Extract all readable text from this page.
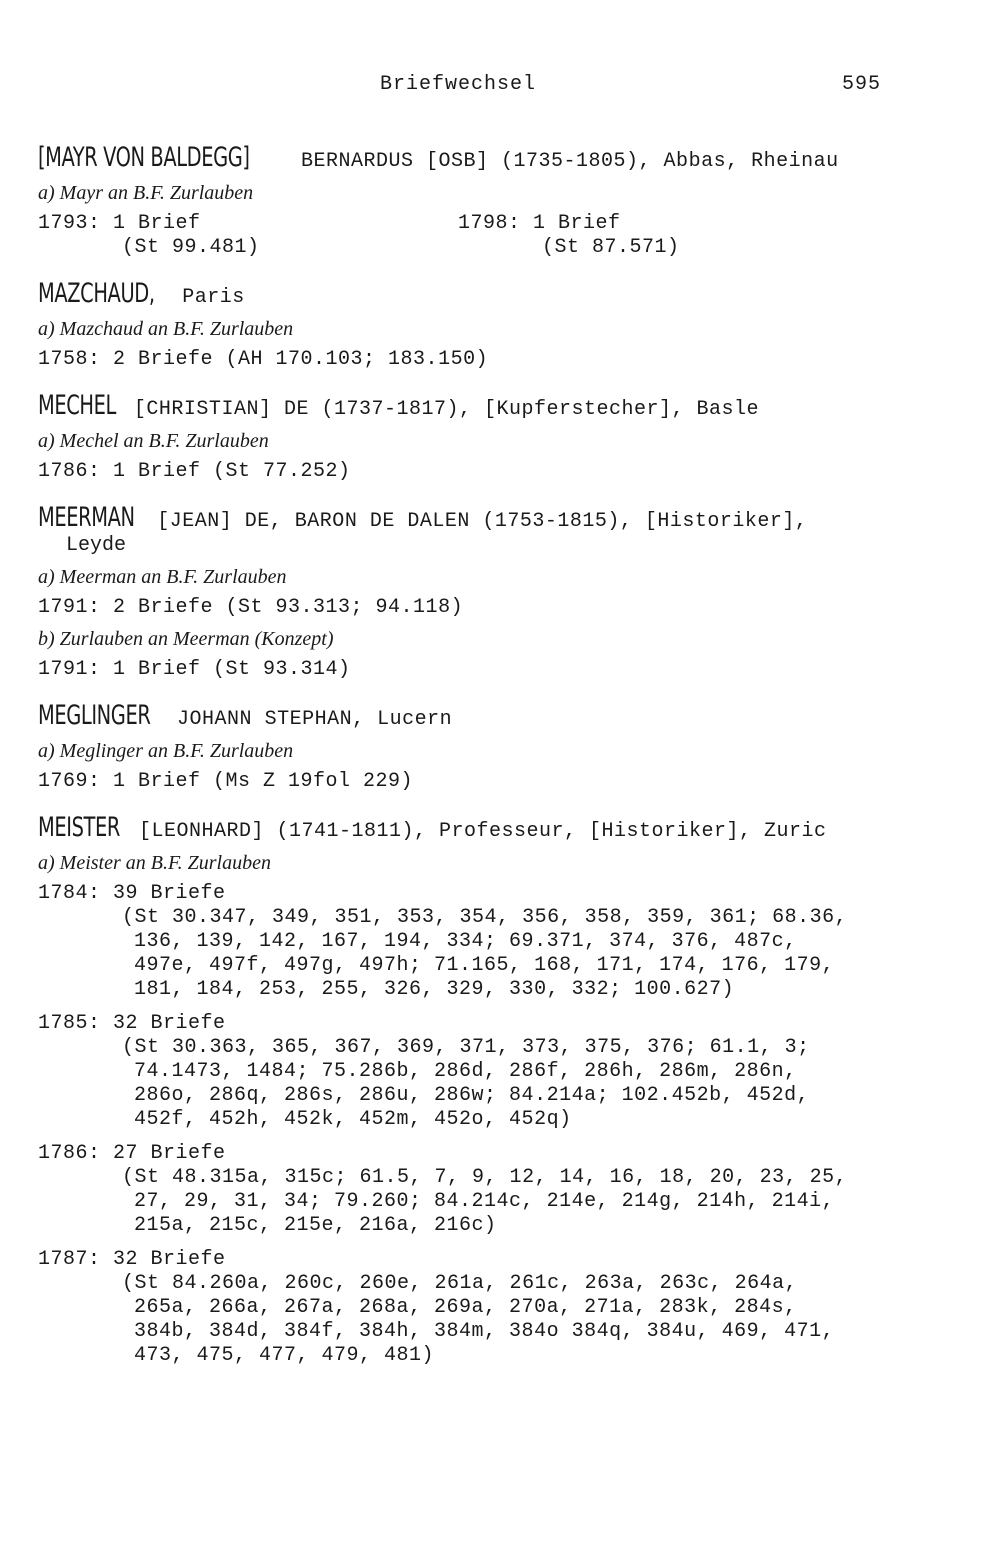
Briefwechsel	595
[MAYR VON BALDEGG] BERNARDUS [OSB] (1735-1805), Abbas, Rheinau
a) Mayr an B.F. Zurlauben
1793: 1 Brief
(St 99.481)
1798: 1 Brief
(St 87.571)
MAZCHAUD, Paris
a) Mazchaud an B.F. Zurlauben
1758: 2 Briefe (AH 170.103; 183.150)
MECHEL [CHRISTIAN] DE (1737-1817), [Kupferstecher], Basle
a) Mechel an B.F. Zurlauben
1786: 1 Brief (St 77.252)
MEERMAN [JEAN] DE, BARON DE DALEN (1753-1815), [Historiker],
Leyde
a) Meerman an B.F. Zurlauben
1791: 2 Briefe (St 93.313; 94.118)
b) Zurlauben an Meerman (Konzept)
1791: 1 Brief (St 93.314)
MEGLINGER JOHANN STEPHAN, Lucern
a) Meglinger an B.F. Zurlauben
1769: 1 Brief (Ms Z 19fol 229)
MEISTER [LEONHARD] (1741-1811), Professeur, [Historiker], Zuric
a) Meister an B.F. Zurlauben
1784: 39 Briefe
(St 30.347, 349, 351, 353, 354, 356, 358, 359, 361; 68.36,
136, 139, 142, 167, 194, 334; 69.371, 374, 376, 487c,
497e, 497f, 497g, 497h; 71.165, 168, 171, 174, 176, 179,
181, 184, 253, 255, 326, 329, 330, 332; 100.627)
1785: 32 Briefe
(St 30.363, 365, 367, 369, 371, 373, 375, 376; 61.1, 3;
74.1473, 1484; 75.286b, 286d, 286f, 286h, 286m, 286n,
286o, 286q, 286s, 286u, 286w; 84.214a; 102.452b, 452d,
452f, 452h, 452k, 452m, 452o, 452q)
1786: 27 Briefe
(St 48.315a, 315c; 61.5, 7, 9, 12, 14, 16, 18, 20, 23, 25,
27, 29, 31, 34; 79.260; 84.214c, 214e, 214g, 214h, 214i,
215a, 215c, 215e, 216a, 216c)
1787: 32 Briefe
(St 84.260a, 260c, 260e, 261a, 261c, 263a, 263c, 264a,
265a, 266a, 267a, 268a, 269a, 270a, 271a, 283k, 284s,
384b, 384d, 384f, 384h, 384m, 384o 384q, 384u, 469, 471,
473, 475, 477, 479, 481)
